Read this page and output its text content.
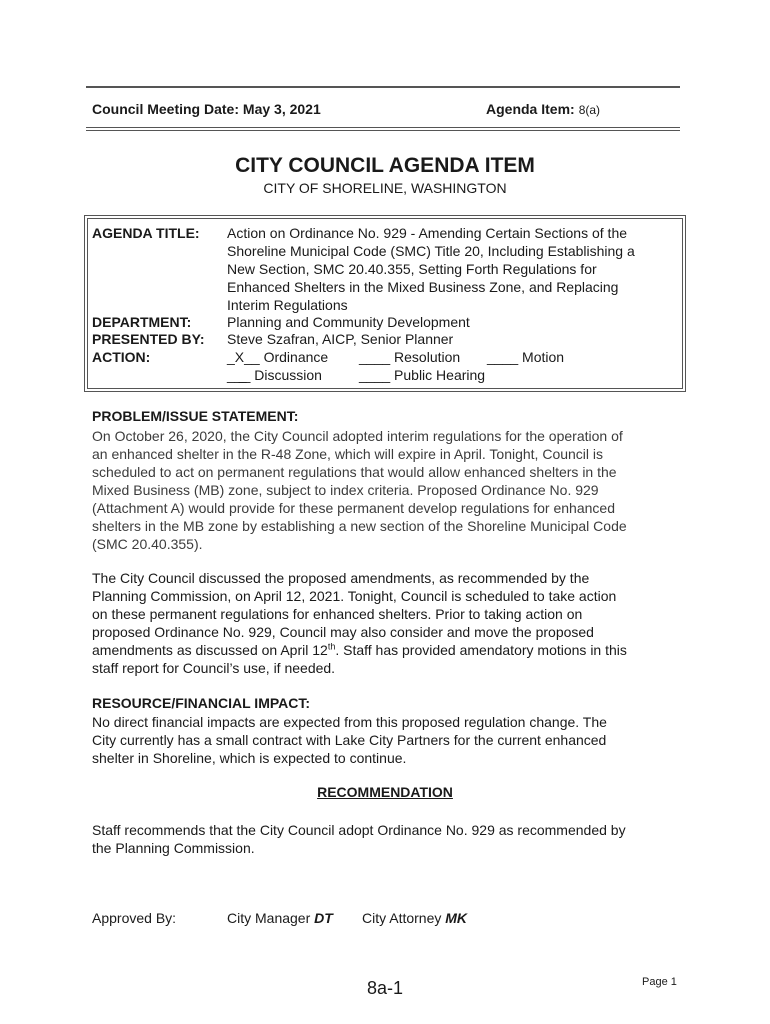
Council Meeting Date: May 3, 2021	Agenda Item: 8(a)
CITY COUNCIL AGENDA ITEM
CITY OF SHORELINE, WASHINGTON
AGENDA TITLE: Action on Ordinance No. 929 - Amending Certain Sections of the
Shoreline Municipal Code (SMC) Title 20, Including Establishing a
New Section, SMC 20.40.355, Setting Forth Regulations for
Enhanced Shelters in the Mixed Business Zone, and Replacing
Interim Regulations
DEPARTMENT:	Planning and Community Development
PRESENTED BY: Steve Szafran, AICP, Senior Planner
ACTION:	_X__ Ordinance ____ Resolution ____ Motion
__̲_ Discussion	____ Public Hearing
PROBLEM/ISSUE STATEMENT:
On October 26, 2020, the City Council adopted interim regulations for the operation of
an enhanced shelter in the R-48 Zone, which will expire in April. Tonight, Council is
scheduled to act on permanent regulations that would allow enhanced shelters in the
Mixed Business (MB) zone, subject to index criteria. Proposed Ordinance No. 929
(Attachment A) would provide for these permanent develop regulations for enhanced
shelters in the MB zone by establishing a new section of the Shoreline Municipal Code
(SMC 20.40.355).
The City Council discussed the proposed amendments, as recommended by the
Planning Commission, on April 12, 2021. Tonight, Council is scheduled to take action
on these permanent regulations for enhanced shelters. Prior to taking action on
proposed Ordinance No. 929, Council may also consider and move the proposed
amendments as discussed on April 12th. Staff has provided amendatory motions in this
staff report for Council’s use, if needed.
RESOURCE/FINANCIAL IMPACT:
No direct financial impacts are expected from this proposed regulation change. The
City currently has a small contract with Lake City Partners for the current enhanced
shelter in Shoreline, which is expected to continue.
RECOMMENDATION
Staff recommends that the City Council adopt Ordinance No. 929 as recommended by
the Planning Commission.
Approved By:	City Manager DT City Attorney MK
8a-1	Page 1
